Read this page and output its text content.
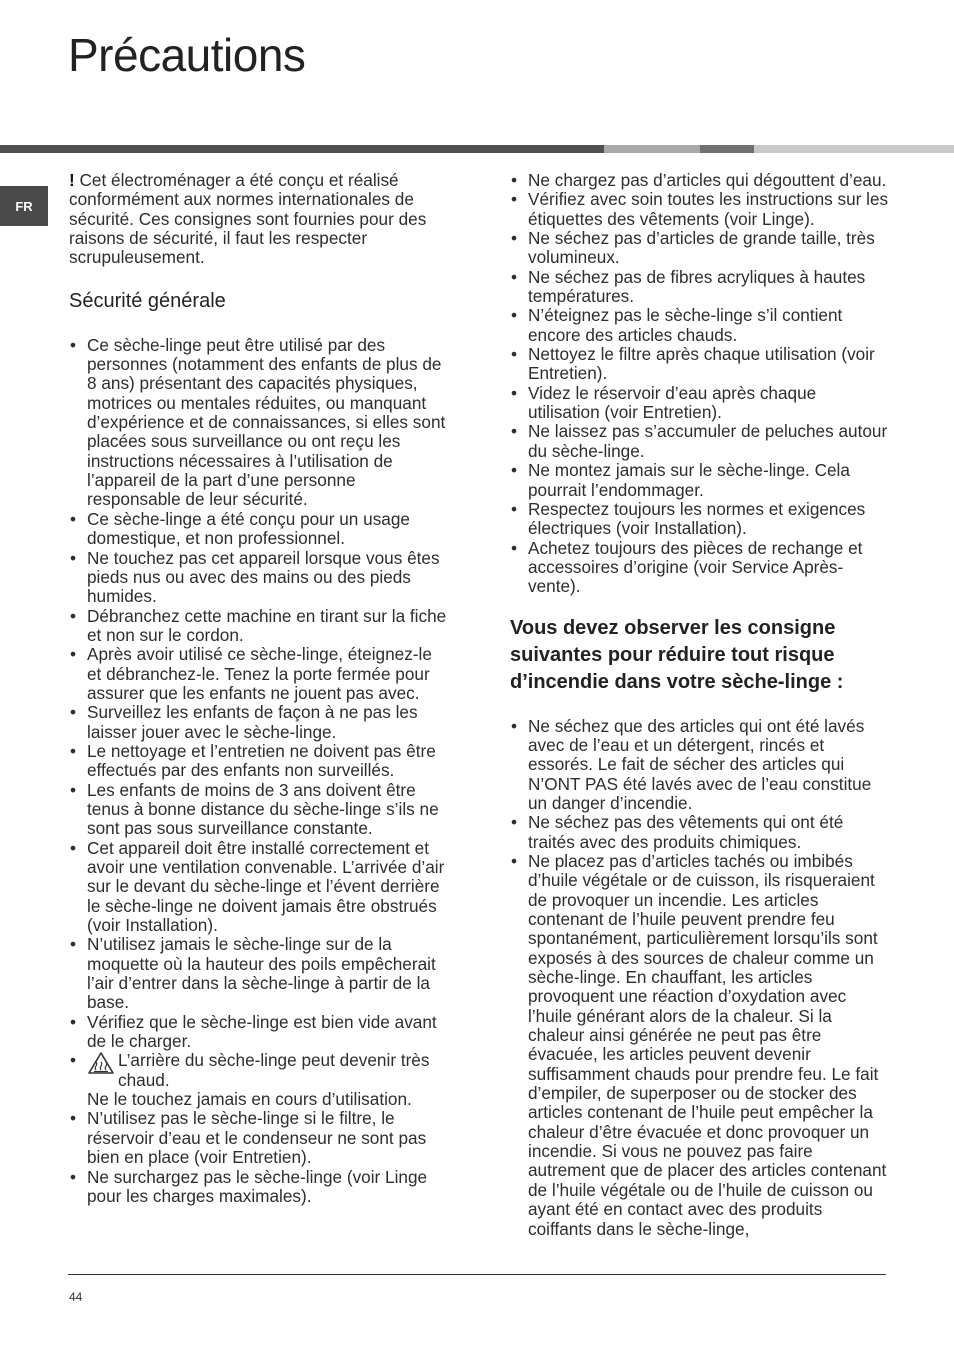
Précautions
FR

! Cet électroménager a été conçu et réalisé conformément aux normes internationales de sécurité. Ces consignes sont fournies pour des raisons de sécurité, il faut les respecter scrupuleusement.

Sécurité générale
• Ce sèche-linge peut être utilisé par des personnes (notamment des enfants de plus de 8 ans) présentant des capacités physiques, motrices ou mentales réduites, ou manquant d’expérience et de connaissances, si elles sont placées sous surveillance ou ont reçu les instructions nécessaires à l’utilisation de l’appareil de la part d’une personne responsable de leur sécurité.
• Ce sèche-linge a été conçu pour un usage domestique, et non professionnel.
• Ne touchez pas cet appareil lorsque vous êtes pieds nus ou avec des mains ou des pieds humides.
• Débranchez cette machine en tirant sur la fiche et non sur le cordon.
• Après avoir utilisé ce sèche-linge, éteignez-le et débranchez-le. Tenez la porte fermée pour assurer que les enfants ne jouent pas avec.
• Surveillez les enfants de façon à ne pas les laisser jouer avec le sèche-linge.
• Le nettoyage et l’entretien ne doivent pas être effectués par des enfants non surveillés.
• Les enfants de moins de 3 ans doivent être tenus à bonne distance du sèche-linge s’ils ne sont pas sous surveillance constante.
• Cet appareil doit être installé correctement et avoir une ventilation convenable. L’arrivée d’air sur le devant du sèche-linge et l’évent derrière le sèche-linge ne doivent jamais être obstrués (voir Installation).
• N’utilisez jamais le sèche-linge sur de la moquette où la hauteur des poils empêcherait l’air d’entrer dans la sèche-linge à partir de la base.
• Vérifiez que le sèche-linge est bien vide avant de le charger.
• L’arrière du sèche-linge peut devenir très chaud.
Ne le touchez jamais en cours d’utilisation.
• N’utilisez pas le sèche-linge si le filtre, le réservoir d’eau et le condenseur ne sont pas bien en place (voir Entretien).
• Ne surchargez pas le sèche-linge (voir Linge pour les charges maximales).
• Ne chargez pas d’articles qui dégouttent d’eau.
• Vérifiez avec soin toutes les instructions sur les étiquettes des vêtements (voir Linge).
• Ne séchez pas d’articles de grande taille, très volumineux.
• Ne séchez pas de fibres acryliques à hautes températures.
• N’éteignez pas le sèche-linge s’il contient encore des articles chauds.
• Nettoyez le filtre après chaque utilisation (voir Entretien).
• Videz le réservoir d’eau après chaque utilisation (voir Entretien).
• Ne laissez pas s’accumuler de peluches autour du sèche-linge.
• Ne montez jamais sur le sèche-linge. Cela pourrait l’endommager.
• Respectez toujours les normes et exigences électriques (voir Installation).
• Achetez toujours des pièces de rechange et accessoires d’origine (voir Service Après-vente).
Vous devez observer les consigne suivantes pour réduire tout risque d’incendie dans votre sèche-linge :
• Ne séchez que des articles qui ont été lavés avec de l’eau et un détergent, rincés et essorés. Le fait de sécher des articles qui N’ONT PAS été lavés avec de l’eau constitue un danger d’incendie.
• Ne séchez pas des vêtements qui ont été traités avec des produits chimiques.
• Ne placez pas d’articles tachés ou imbibés d’huile végétale or de cuisson, ils risqueraient de provoquer un incendie. Les articles contenant de l’huile peuvent prendre feu spontanément, particulièrement lorsqu’ils sont exposés à des sources de chaleur comme un sèche-linge. En chauffant, les articles provoquent une réaction d’oxydation avec l’huile générant alors de la chaleur. Si la chaleur ainsi générée ne peut pas être évacuée, les articles peuvent devenir suffisamment chauds pour prendre feu. Le fait d’empiler, de superposer ou de stocker des articles contenant de l’huile peut empêcher la chaleur d’être évacuée et donc provoquer un incendie. Si vous ne pouvez pas faire autrement que de placer des articles contenant de l’huile végétale ou de l’huile de cuisson ou ayant été en contact avec des produits coiffants dans le sèche-linge,
44
